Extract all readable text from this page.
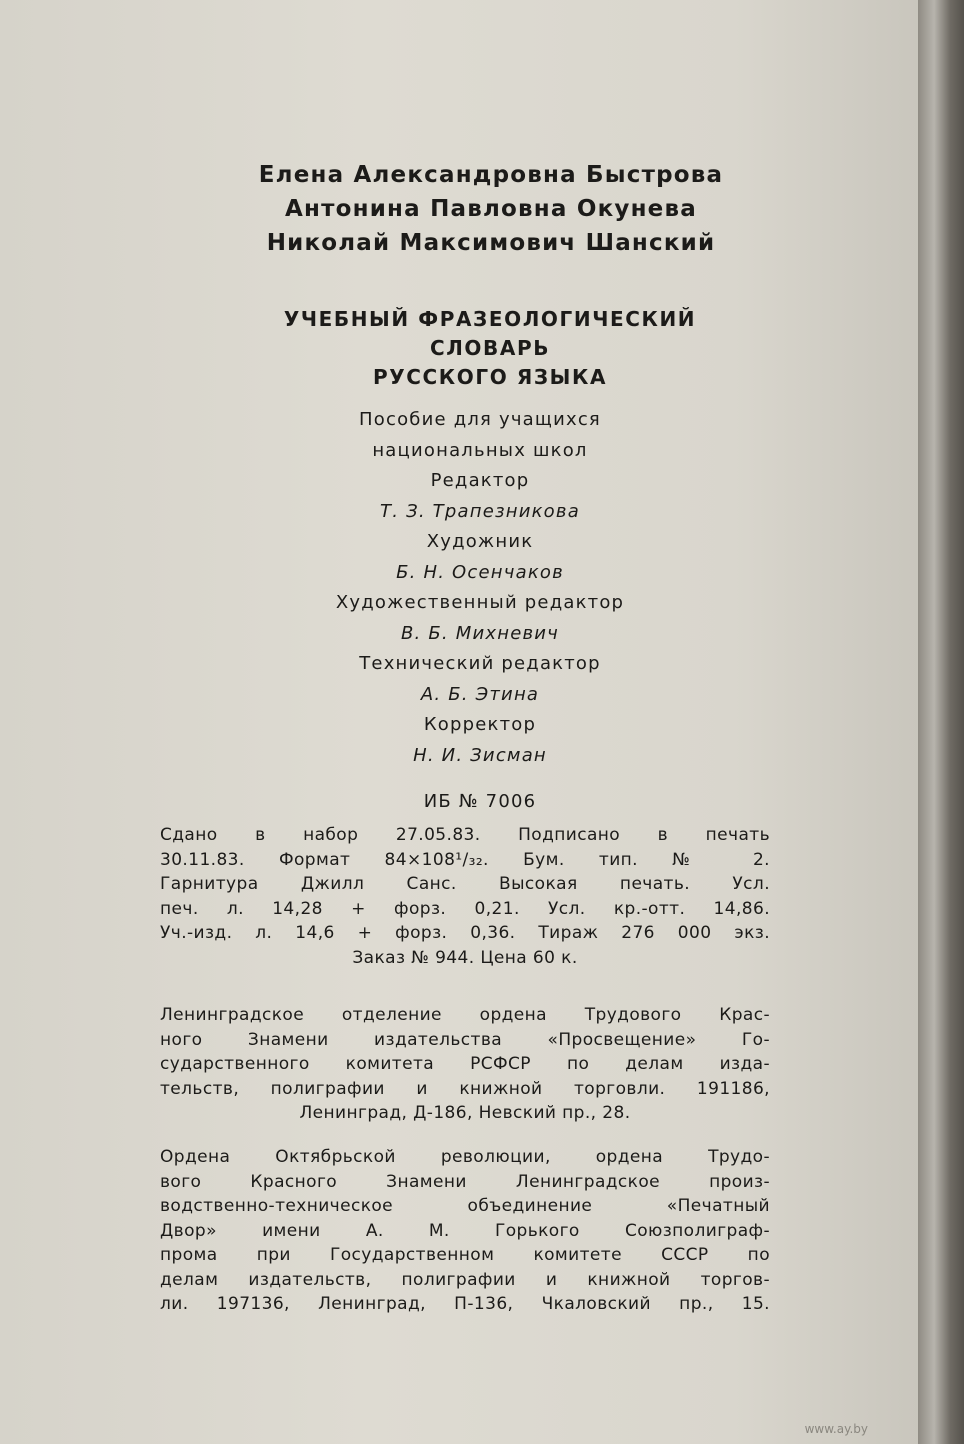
Елена Александровна Быстрова
Антонина Павловна Окунева
Николай Максимович Шанский
УЧЕБНЫЙ ФРАЗЕОЛОГИЧЕСКИЙ
СЛОВАРЬ
РУССКОГО ЯЗЫКА
Пособие для учащихся
национальных школ
Редактор
Т. З. Трапезникова
Художник
Б. Н. Осенчаков
Художественный редактор
В. Б. Михневич
Технический редактор
А. Б. Этина
Корректор
Н. И. Зисман
ИБ № 7006
Сдано в набор 27.05.83. Подписано в печать
30.11.83. Формат 84×108¹/₃₂. Бум. тип. № 2.
Гарнитура Джилл Санс. Высокая печать. Усл.
печ. л. 14,28 + форз. 0,21. Усл. кр.-отт. 14,86.
Уч.-изд. л. 14,6 + форз. 0,36. Тираж 276 000 экз.
Заказ № 944. Цена 60 к.
Ленинградское отделение ордена Трудового Крас-
ного Знамени издательства «Просвещение» Го-
сударственного комитета РСФСР по делам изда-
тельств, полиграфии и книжной торговли. 191186,
Ленинград, Д-186, Невский пр., 28.
Ордена Октябрьской революции, ордена Трудо-
вого Красного Знамени Ленинградское произ-
водственно-техническое объединение «Печатный
Двор» имени А. М. Горького Союзполиграф-
прома при Государственном комитете СССР по
делам издательств, полиграфии и книжной торгов-
ли. 197136, Ленинград, П-136, Чкаловский пр., 15.
www.ay.by
